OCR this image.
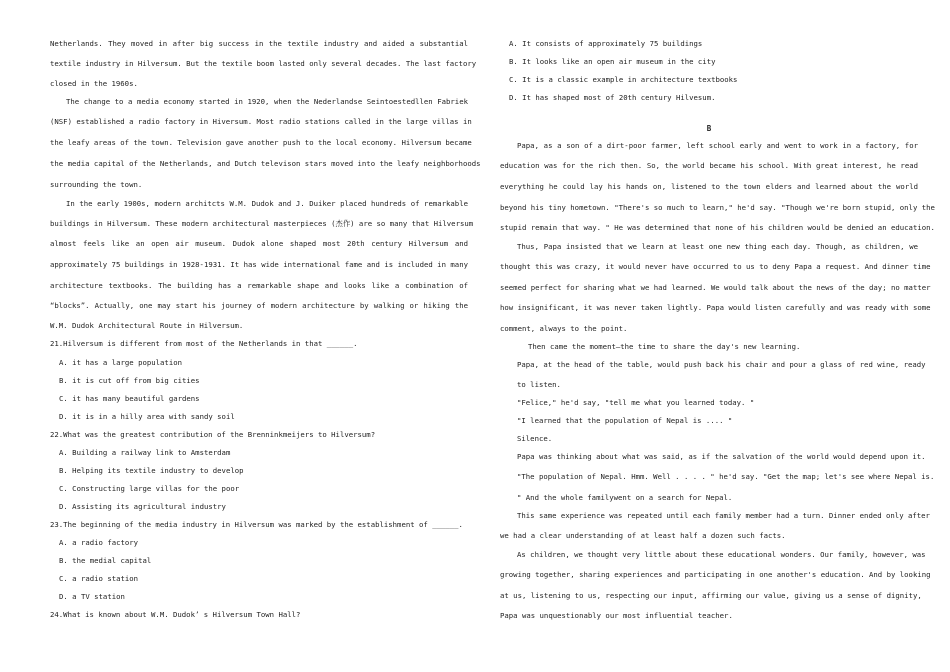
Netherlands. They moved in after big success in the textile industry and aided a substantial
textile industry in Hilversum. But the textile boom lasted only several decades. The last factory
closed in the 1960s.
The change to a media economy started in 1920, when the Nederlandse Seintoestedllen Fabriek
(NSF) established a radio factory in Hiversum. Most radio stations called in the large villas in
the leafy areas of the town. Television gave another push to the local economy. Hilversum became
the media capital of the Netherlands, and Dutch televison stars moved into the leafy neighborhoods
surrounding the town.
In the early 1900s, modern architcts W.M. Dudok and J. Duiker placed hundreds of remarkable
buildings in Hilversum. These modern architectural masterpieces (杰作) are so many that Hilversum
almost feels like an open air museum. Dudok alone shaped most 20th century Hilversum and
approximately 75 buildings in 1928-1931. It has wide international fame and is included in many
architecture textbooks. The building has a remarkable shape and looks like a combination of
“blocks”. Actually, one may start his journey of modern architecture by walking or hiking the
W.M. Dudok Architectural Route in Hilversum.
21.Hilversum is different from most of the Netherlands in that ______.
A. it has a large population
B. it is cut off from big cities
C. it has many beautiful gardens
D. it is in a hilly area with sandy soil
22.What was the greatest contribution of the Brenninkmeijers to Hilversum?
A. Building a railway link to Amsterdam
B. Helping its textile industry to develop
C. Constructing large villas for the poor
D. Assisting its agricultural industry
23.The beginning of the media industry in Hilversum was marked by the establishment of ______.
A. a radio factory
B. the medial capital
C. a radio station
D. a TV station
24.What is known about W.M. Dudok’ s Hilversum Town Hall?
A. It consists of approximately 75 buildings
B. It looks like an open air museum in the city
C. It is a classic example in architecture textbooks
D. It has shaped most of 20th century Hilvesum.
B
Papa, as a son of a dirt-poor farmer, left school early and went to work in a factory, for
education was for the rich then. So, the world became his school. With great interest, he read
everything he could lay his hands on, listened to the town elders and learned about the world
beyond his tiny hometown. "There's so much to learn," he'd say. "Though we're born stupid, only the
stupid remain that way. " He was determined that none of his children would be denied an education.
Thus, Papa insisted that we learn at least one new thing each day. Though, as children, we
thought this was crazy, it would never have occurred to us to deny Papa a request. And dinner time
seemed perfect for sharing what we had learned. We would talk about the news of the day; no matter
how insignificant, it was never taken lightly. Papa would listen carefully and was ready with some
comment, always to the point.
Then came the moment—the time to share the day's new learning.
Papa, at the head of the table, would push back his chair and pour a glass of red wine, ready
to listen.
"Felice," he'd say, "tell me what you learned today. "
"I learned that the population of Nepal is .... "
Silence.
Papa was thinking about what was said, as if the salvation of the world would depend upon it.
"The population of Nepal. Hmm. Well . . . . " he'd say. "Get the map; let's see where Nepal is.
" And the whole familywent on a search for Nepal.
This same experience was repeated until each family member had a turn. Dinner ended only after
we had a clear understanding of at least half a dozen such facts.
As children, we thought very little about these educational wonders. Our family, however, was
growing together, sharing experiences and participating in one another's education. And by looking
at us, listening to us, respecting our input, affirming our value, giving us a sense of dignity,
Papa was unquestionably our most influential teacher.
